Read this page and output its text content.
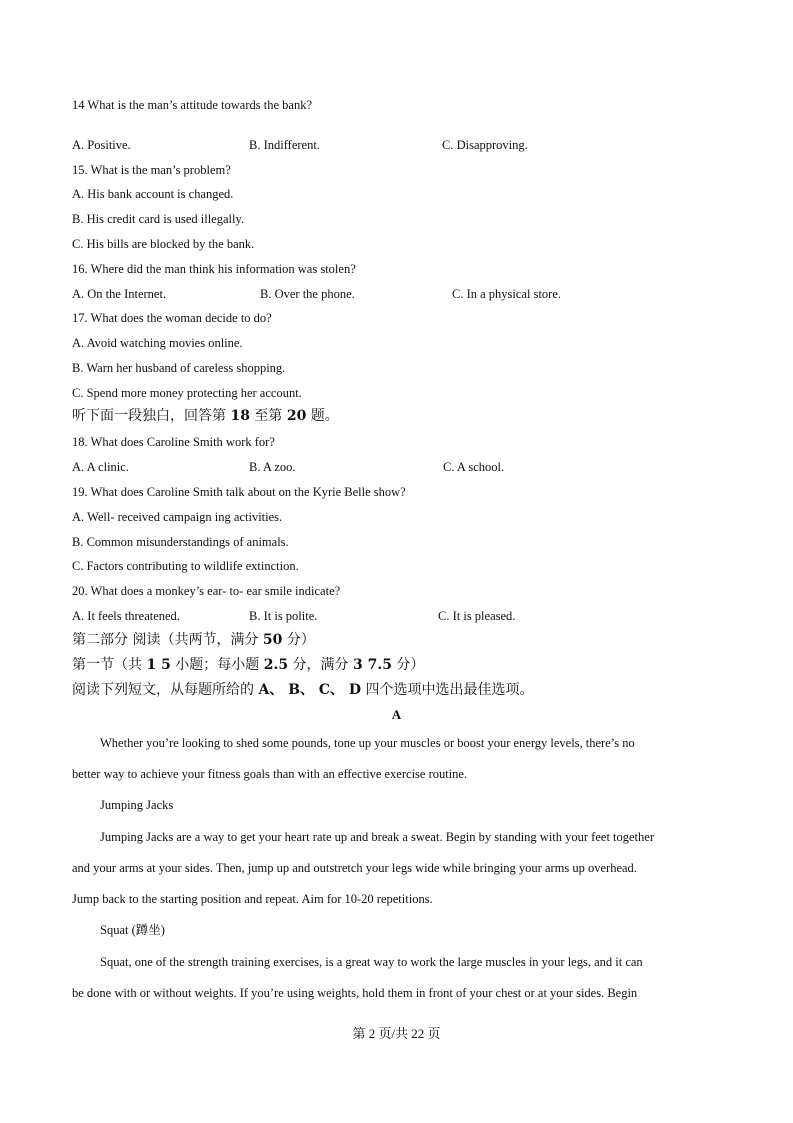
14 What is the man’s attitude towards the bank?
A. Positive.	B. Indifferent.	C. Disapproving.
15. What is the man’s problem?
A. His bank account is changed.
B. His credit card is used illegally.
C. His bills are blocked by the bank.
16. Where did the man think his information was stolen?
A. On the Internet.	B. Over the phone.	C. In a physical store.
17. What does the woman decide to do?
A. Avoid watching movies online.
B. Warn her husband of careless shopping.
C. Spend more money protecting her account.
听下面一段独白，回答第 18 至第 20 题。
18. What does Caroline Smith work for?
A. A clinic.	B. A zoo.	C. A school.
19. What does Caroline Smith talk about on the Kyrie Belle show?
A. Well- received campaign ing activities.
B. Common misunderstandings of animals.
C. Factors contributing to wildlife extinction.
20. What does a monkey’s ear- to- ear smile indicate?
A. It feels threatened.	B. It is polite.	C. It is pleased.
第二部分 阅读（共两节，满分 50 分）
第一节（共 1 5 小题；每小题 2.5 分，满分 3 7.5 分）
阅读下列短文，从每题所给的 A、 B、 C、 D 四个选项中选出最佳选项。
A
Whether you’re looking to shed some pounds, tone up your muscles or boost your energy levels, there’s no
better way to achieve your fitness goals than with an effective exercise routine.
Jumping Jacks
Jumping Jacks are a way to get your heart rate up and break a sweat. Begin by standing with your feet together
and your arms at your sides. Then, jump up and outstretch your legs wide while bringing your arms up overhead.
Jump back to the starting position and repeat. Aim for 10-20 repetitions.
Squat (蹲坐)
Squat, one of the strength training exercises, is a great way to work the large muscles in your legs, and it can
be done with or without weights. If you’re using weights, hold them in front of your chest or at your sides. Begin
第 2 页/共 22 页
